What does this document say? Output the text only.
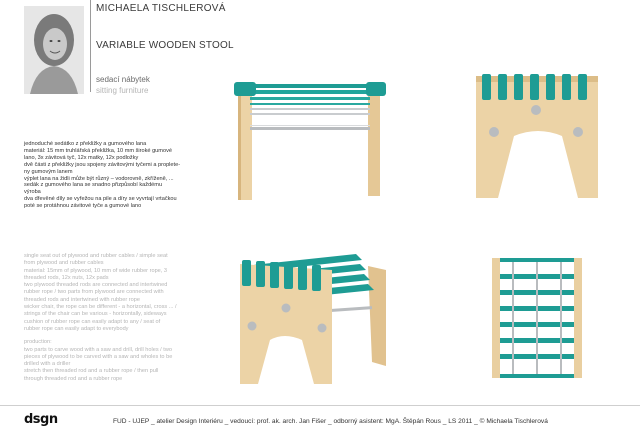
MICHAELA TISCHLEROVÁ
VARIABLE WOODEN STOOL
sedací nábytek
sitting furniture
jednoduché sedátko z překližky a gumového lana
materiál: 15 mm truhlářská překližka, 10 mm široké gumové
lano, 3x závitová tyč, 12x matky, 12x podložky
dvě části z překližky jsou spojeny závitovými tyčemi a proplete-
ny gumovým lanem
výplet lana na židli může být různý – vodorovně, zkříženě, ...
sedák z gumového lana se snadno přizpůsobí každému
výroba
dva dřevěné díly se vyřežou na pile a díry se vyvrtají vrtačkou
poté se protáhnou závitové tyče a gumové lano
single seat out of plywood and rubber cables / simple seat
from plywood and rubber cables
material: 15mm of plywood, 10 mm of wide rubber rope, 3
threaded rods, 12x nuts, 12x pads
two plywood threaded rods are connected and intertwined
rubber rope / two parts from plywood are connected with
threaded rods and intertwined with rubber rope
wicker chair, the rope can be different - a horizontal, cross ... /
strings of the chair can be various - horizontally, sideways
cushion of rubber rope can easily adapt to any / seat of
rubber rope can easily adapt to everybody
production:
two parts to carve wood with a saw and drill, drill holes / two
pieces of plywood to be carved with a saw and wholes to be
drilled with a driller
stretch then threaded rod and a rubber rope / then pull
through threaded rod and a rubber rope
dsgn	FUD - UJEP _ atelier Design Interiéru _ vedoucí: prof. ak. arch. Jan Fišer _ odborný asistent: MgA. Štěpán Rous _ LS 2011 _ © Michaela Tischlerová
